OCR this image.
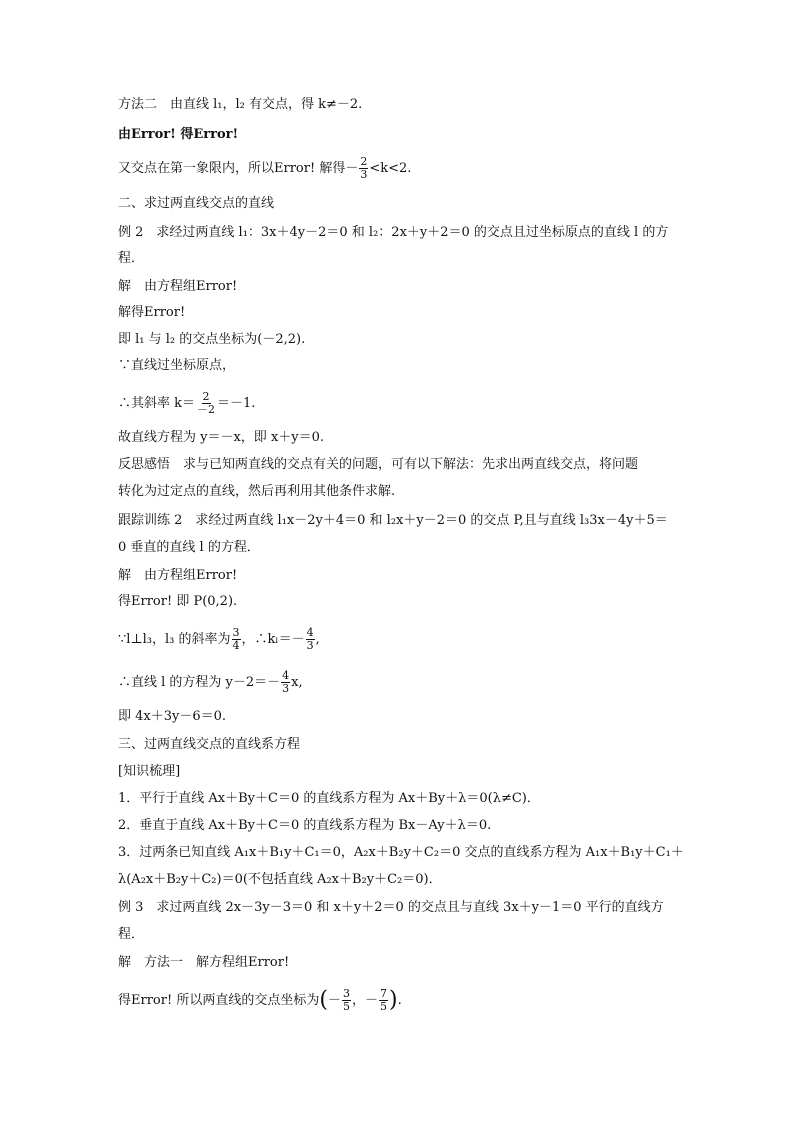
方法二　由直线 l₁，l₂ 有交点，得 k≠－2.
由Error! 得Error!
又交点在第一象限内，所以Error! 解得－ $\frac{2}{3} <k<2$.
二、求过两直线交点的直线
例 2　求经过两直线 l₁：3x＋4y－2＝0 和 l₂：2x＋y＋2＝0 的交点且过坐标原点的直线 l 的方
程．
解　由方程组Error!
解得Error!
即 l₁ 与 l₂ 的交点坐标为(－2,2).
∵直线过坐标原点，
∴其斜率 $k= \frac{2}{-2} =-1$.
故直线方程为 y＝－x，即 x＋y＝0.
反思感悟　求与已知两直线的交点有关的问题，可有以下解法：先求出两直线交点，将问题
转化为过定点的直线，然后再利用其他条件求解.
跟踪训练 2　求经过两直线 l₁x－2y＋4＝0 和 l₂x＋y－2＝0 的交点 P,且与直线 l₃3x－4y＋5＝
0 垂直的直线 l 的方程．
解　由方程组Error!
得Error! 即 P(0,2).
∵l⊥l₃，l₃ 的斜率为 $\frac{3}{4}$ ，∴kₗ＝－ $\frac{4}{3}$ ,
∴直线 l 的方程为 $y-2=- \frac{4}{3} x$,
即 4x＋3y－6＝0.
三、过两直线交点的直线系方程
[知识梳理]
1．平行于直线 Ax＋By＋C＝0 的直线系方程为 Ax＋By＋λ＝0(λ≠C)．
2．垂直于直线 Ax＋By＋C＝0 的直线系方程为 Bx－Ay＋λ＝0.
3．过两条已知直线 A₁x＋B₁y＋C₁＝0，A₂x＋B₂y＋C₂＝0 交点的直线系方程为 A₁x＋B₁y＋C₁＋
λ(A₂x＋B₂y＋C₂)＝0(不包括直线 A₂x＋B₂y＋C₂＝0)．
例 3　求过两直线 2x－3y－3＝0 和 x＋y＋2＝0 的交点且与直线 3x＋y－1＝0 平行的直线方
程．
解　方法一　解方程组Error!
得Error! 所以两直线的交点坐标为(－ $\frac{3}{5}$ ，－ $\frac{7}{5}$ ).
